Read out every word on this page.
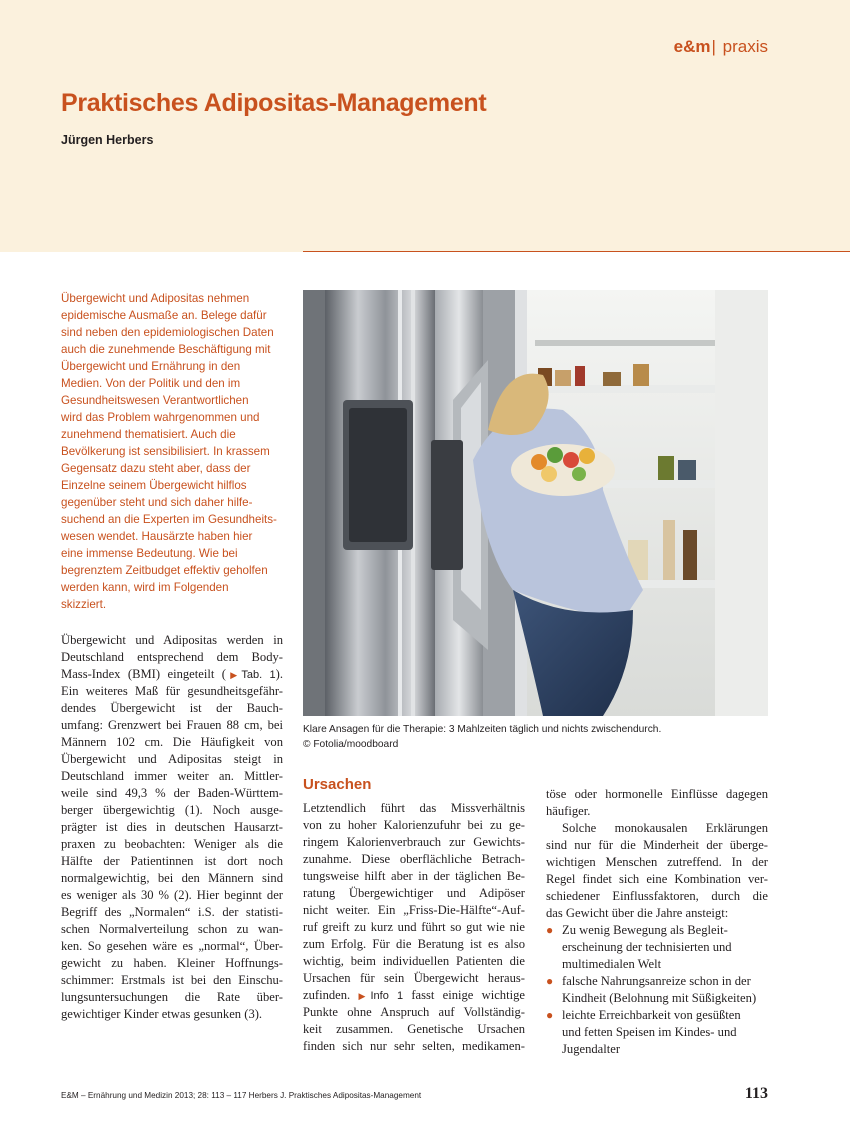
e&m| praxis
Praktisches Adipositas-Management
Jürgen Herbers
Übergewicht und Adipositas nehmen
epidemische Ausmaße an. Belege dafür
sind neben den epidemiologischen Daten
auch die zunehmende Beschäftigung mit
Übergewicht und Ernährung in den
Medien. Von der Politik und den im
Gesundheitswesen Verantwortlichen
wird das Problem wahrgenommen und
zunehmend thematisiert. Auch die
Bevölkerung ist sensibilisiert. In krassem
Gegensatz dazu steht aber, dass der
Einzelne seinem Übergewicht hilflos
gegenüber steht und sich daher hilfe-
suchend an die Experten im Gesundheits-
wesen wendet. Hausärzte haben hier
eine immense Bedeutung. Wie bei
begrenztem Zeitbudget effektiv geholfen
werden kann, wird im Folgenden
skizziert.
Klare Ansagen für die Therapie: 3 Mahlzeiten täglich und nichts zwischendurch.
© Fotolia/moodboard
Übergewicht und Adipositas werden in
Deutschland entsprechend dem Body-
Mass-Index (BMI) eingeteilt (▶Tab. 1).
Ein weiteres Maß für gesundheitsgefähr-
dendes Übergewicht ist der Bauch-
umfang: Grenzwert bei Frauen 88 cm, bei
Männern 102 cm. Die Häufigkeit von
Übergewicht und Adipositas steigt in
Deutschland immer weiter an. Mittler-
weile sind 49,3 % der Baden-Württem-
berger übergewichtig (1). Noch ausge-
prägter ist dies in deutschen Hausarzt-
praxen zu beobachten: Weniger als die
Hälfte der Patientinnen ist dort noch
normalgewichtig, bei den Männern sind
es weniger als 30 % (2). Hier beginnt der
Begriff des „Normalen“ i.S. der statisti-
schen Normalverteilung schon zu wan-
ken. So gesehen wäre es „normal“, Über-
gewicht zu haben. Kleiner Hoffnungs-
schimmer: Erstmals ist bei den Einschu-
lungsuntersuchungen die Rate über-
gewichtiger Kinder etwas gesunken (3).
Ursachen
Letztendlich führt das Missverhältnis
von zu hoher Kalorienzufuhr bei zu ge-
ringem Kalorienverbrauch zur Gewichts-
zunahme. Diese oberflächliche Betrach-
tungsweise hilft aber in der täglichen Be-
ratung Übergewichtiger und Adipöser
nicht weiter. Ein „Friss-Die-Hälfte“-Auf-
ruf greift zu kurz und führt so gut wie nie
zum Erfolg. Für die Beratung ist es also
wichtig, beim individuellen Patienten die
Ursachen für sein Übergewicht heraus-
zufinden. ▶Info 1 fasst einige wichtige
Punkte ohne Anspruch auf Vollständig-
keit zusammen. Genetische Ursachen
finden sich nur sehr selten, medikamen-
töse oder hormonelle Einflüsse dagegen
häufiger.
Solche monokausalen Erklärungen
sind nur für die Minderheit der überge-
wichtigen Menschen zutreffend. In der
Regel findet sich eine Kombination ver-
schiedener Einflussfaktoren, durch die
das Gewicht über die Jahre ansteigt:
● Zu wenig Bewegung als Begleit-
erscheinung der technisierten und
multimedialen Welt
● falsche Nahrungsanreize schon in der
Kindheit (Belohnung mit Süßigkeiten)
● leichte Erreichbarkeit von gesüßten
und fetten Speisen im Kindes- und
Jugendalter
E&M – Ernährung und Medizin 2013; 28: 113 – 117 Herbers J. Praktisches Adipositas-Management	113
